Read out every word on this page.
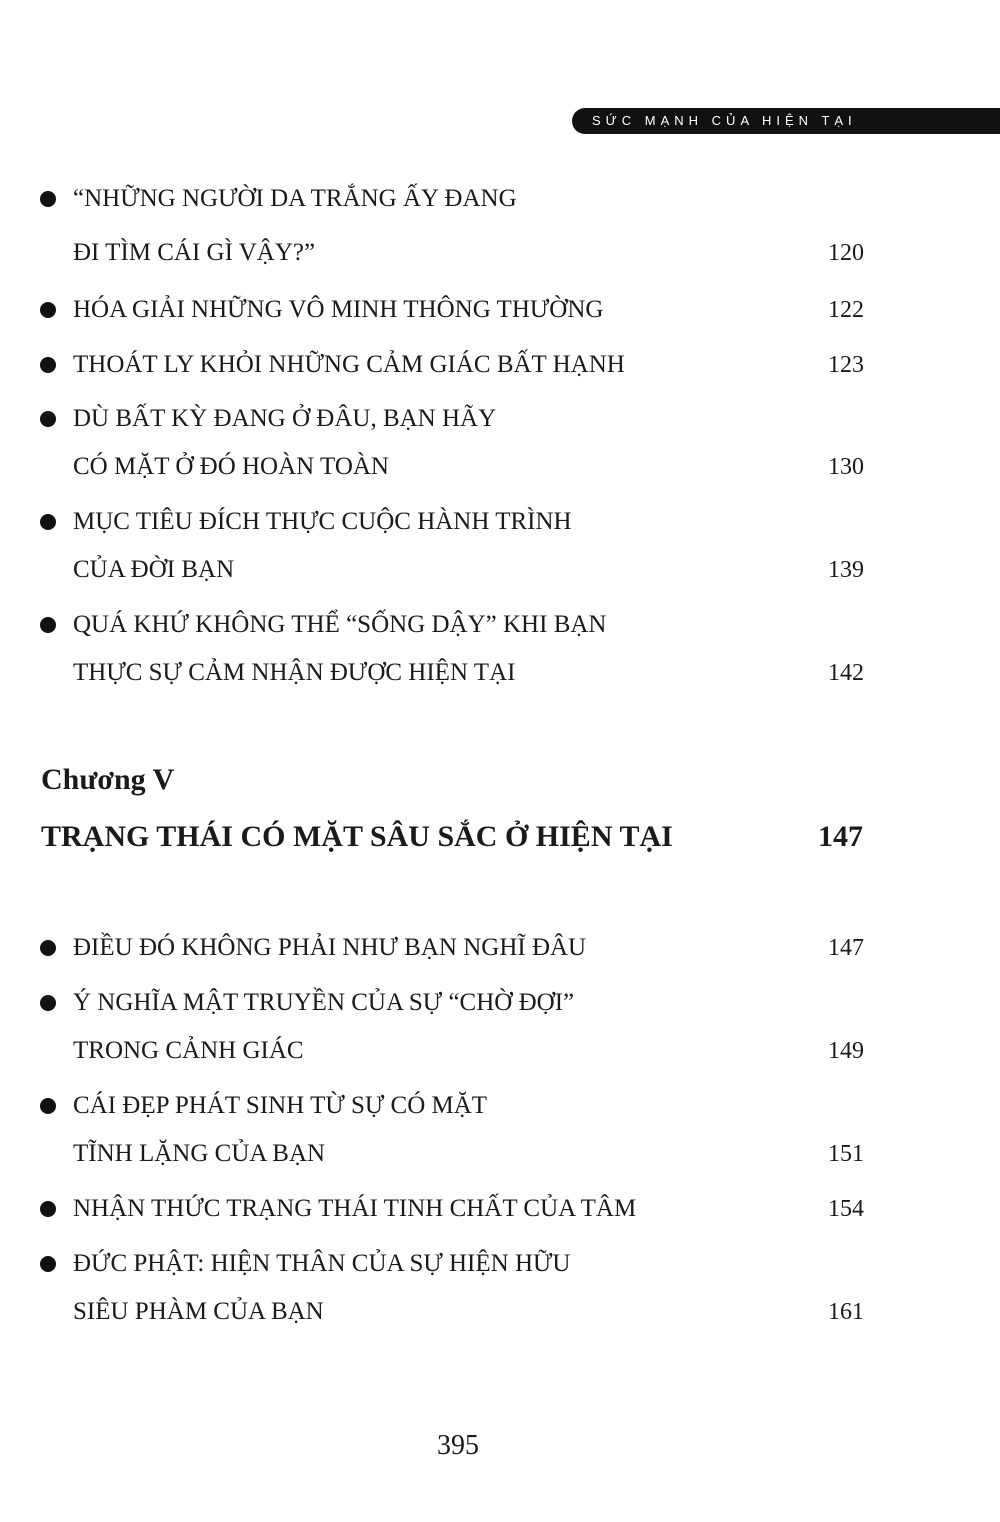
SỨC MẠNH CỦA HIỆN TẠI
“NHỮNG NGƯỜI DA TRẮNG ẤY ĐANG
ĐI TÌM CÁI GÌ VẬY?”	120
HÓA GIẢI NHỮNG VÔ MINH THÔNG THƯỜNG	122
THOÁT LY KHỎI NHỮNG CẢM GIÁC BẤT HẠNH	123
DÙ BẤT KỲ ĐANG Ở ĐÂU, BẠN HÃY
CÓ MẶT Ở ĐÓ HOÀN TOÀN	130
MỤC TIÊU ĐÍCH THỰC CUỘC HÀNH TRÌNH
CỦA ĐỜI BẠN	139
QUÁ KHỨ KHÔNG THỂ “SỐNG DẬY” KHI BẠN
THỰC SỰ CẢM NHẬN ĐƯỢC HIỆN TẠI	142
Chương V
TRẠNG THÁI CÓ MẶT SÂU SẮC Ở HIỆN TẠI	147
ĐIỀU ĐÓ KHÔNG PHẢI NHƯ BẠN NGHĨ ĐÂU	147
Ý NGHĨA MẬT TRUYỀN CỦA SỰ “CHỜ ĐỢI”
TRONG CẢNH GIÁC	149
CÁI ĐẸP PHÁT SINH TỪ SỰ CÓ MẶT
TĨNH LẶNG CỦA BẠN	151
NHẬN THỨC TRẠNG THÁI TINH CHẤT CỦA TÂM	154
ĐỨC PHẬT: HIỆN THÂN CỦA SỰ HIỆN HỮU
SIÊU PHÀM CỦA BẠN	161
395
